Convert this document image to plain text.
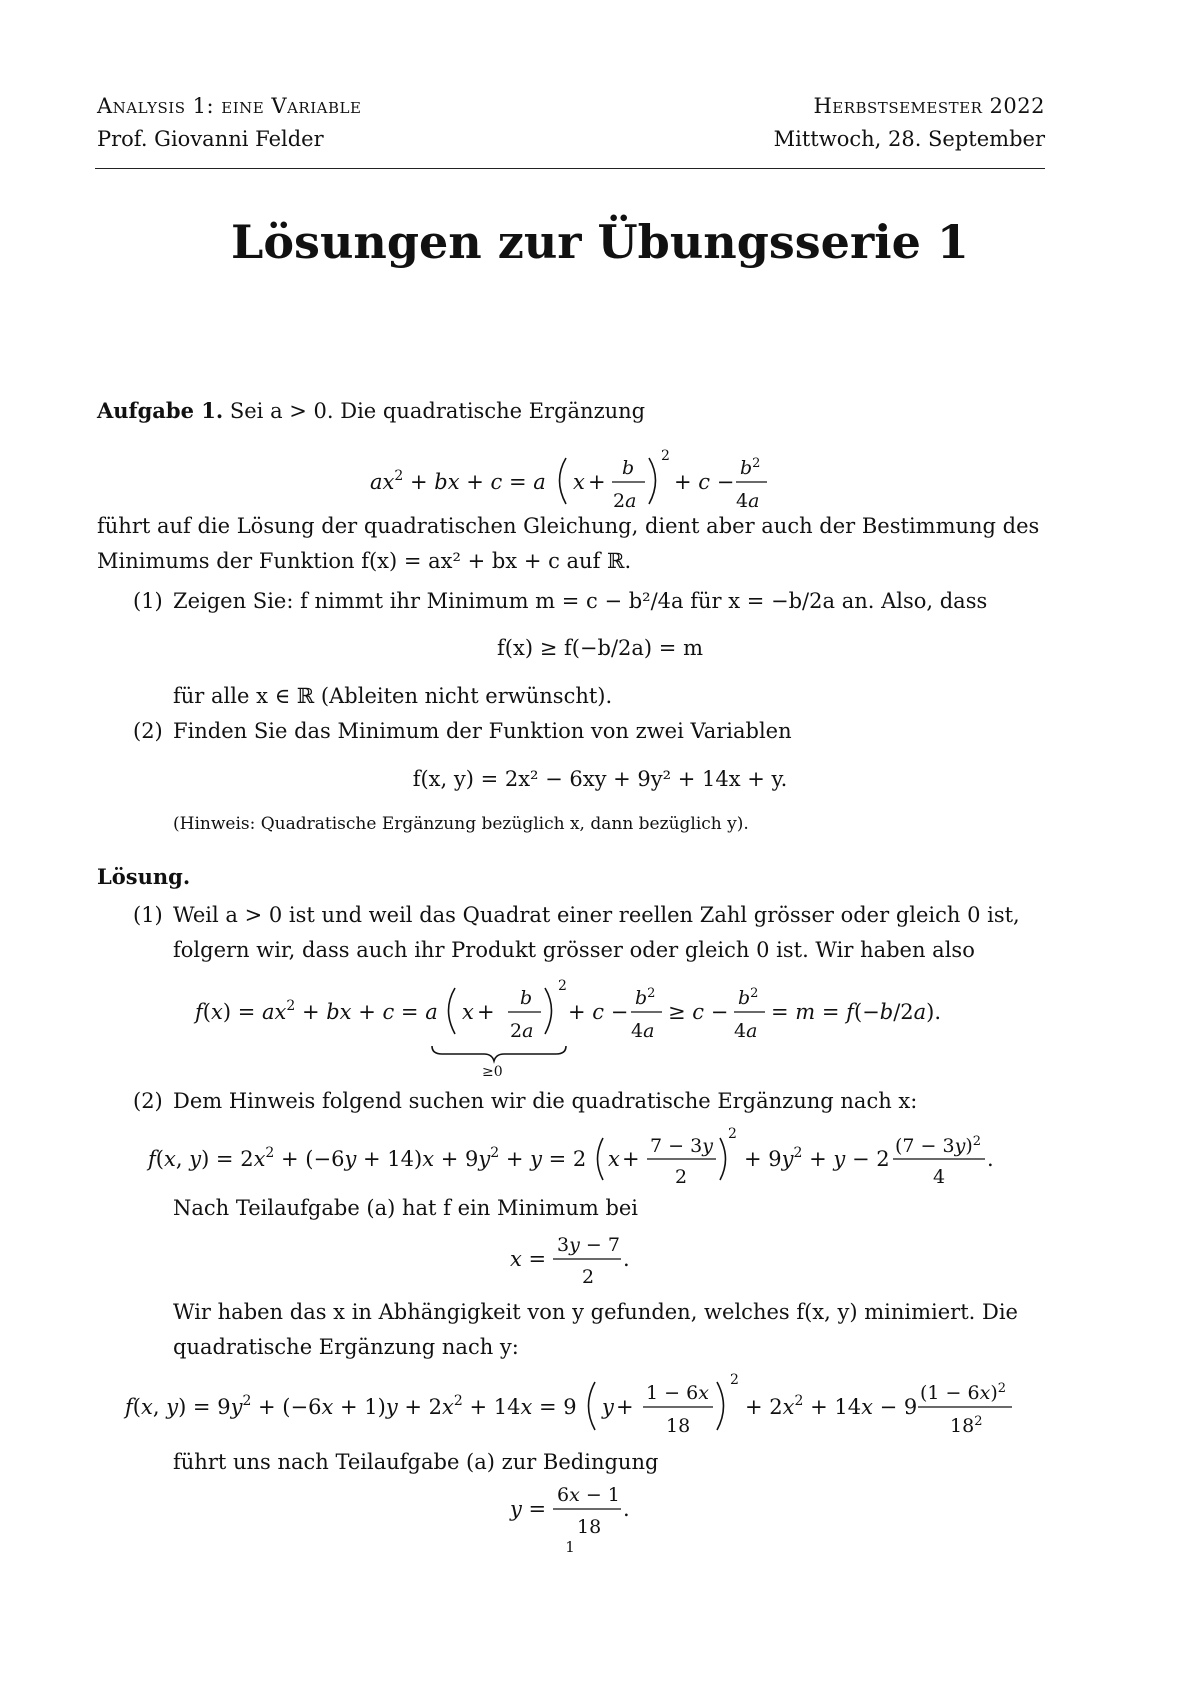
Analysis 1: eine Variable	Herbstsemester 2022
Prof. Giovanni Felder	Mittwoch, 28. September
Lösungen zur Übungsserie 1
Aufgabe 1. Sei a > 0. Die quadratische Ergänzung
$ax^2$ + bx + c = a x +
b
2a
2
+ c −
$b^2$
4a
führt auf die Lösung der quadratischen Gleichung, dient aber auch der Bestimmung des
Minimums der Funktion f(x) = ax² + bx + c auf ℝ.
(1) Zeigen Sie: f nimmt ihr Minimum m = c − b²/4a für x = −b/2a an. Also, dass
f(x) ≥ f(−b/2a) = m
für alle x ∈ ℝ (Ableiten nicht erwünscht).
(2) Finden Sie das Minimum der Funktion von zwei Variablen
f(x, y) = 2x² − 6xy + 9y² + 14x + y.
(Hinweis: Quadratische Ergänzung bezüglich x, dann bezüglich y).
Lösung.
(1) Weil a > 0 ist und weil das Quadrat einer reellen Zahl grösser oder gleich 0 ist,
folgern wir, dass auch ihr Produkt grösser oder gleich 0 ist. Wir haben also
$f(x) = ax^2$ + bx + c = a x +
b
2a
2
+ c −
$b^2$
4a
≥ c −
$b^2$
4a
= m = f(−b/2a).
≥0
(2) Dem Hinweis folgend suchen wir die quadratische Ergänzung nach x:
f(x, $y) = 2x^2 + (-6y + 14)x + 9y^2 + y = 2$ x +
7 − 3y
2
2
+ $9y^2 + y - 2$
$(7 - 3y)^2$
4
.
Nach Teilaufgabe (a) hat f ein Minimum bei
x =
3y − 7
2
.
Wir haben das x in Abhängigkeit von y gefunden, welches f(x, y) minimiert. Die
quadratische Ergänzung nach y:
f(x, $y) = 9y^2 + (-6x + 1)y + 2x^2 + 14x = 9$ y +
1 − 6x
18
2
+ $2x^2 + 14x - 9$
$(1 - 6x)^2$
$18^2$
führt uns nach Teilaufgabe (a) zur Bedingung
y =
6x − 1
18
.
1
